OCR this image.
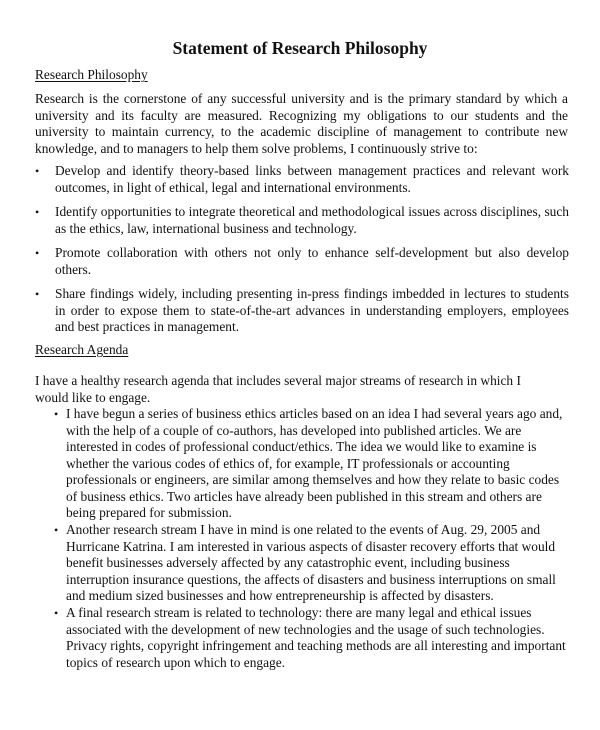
Statement of Research Philosophy
Research Philosophy
Research is the cornerstone of any successful university and is the primary standard by which a university and its faculty are measured. Recognizing my obligations to our students and the university to maintain currency, to the academic discipline of management to contribute new knowledge, and to managers to help them solve problems, I continuously strive to:
• Develop and identify theory-based links between management practices and relevant work outcomes, in light of ethical, legal and international environments.
• Identify opportunities to integrate theoretical and methodological issues across disciplines, such as the ethics, law, international business and technology.
• Promote collaboration with others not only to enhance self-development but also develop others.
• Share findings widely, including presenting in-press findings imbedded in lectures to students in order to expose them to state-of-the-art advances in understanding employers, employees and best practices in management.
Research Agenda
I have a healthy research agenda that includes several major streams of research in which I would like to engage.
• I have begun a series of business ethics articles based on an idea I had several years ago and, with the help of a couple of co-authors, has developed into published articles. We are interested in codes of professional conduct/ethics. The idea we would like to examine is whether the various codes of ethics of, for example, IT professionals or accounting professionals or engineers, are similar among themselves and how they relate to basic codes of business ethics. Two articles have already been published in this stream and others are being prepared for submission.
• Another research stream I have in mind is one related to the events of Aug. 29, 2005 and Hurricane Katrina. I am interested in various aspects of disaster recovery efforts that would benefit businesses adversely affected by any catastrophic event, including business interruption insurance questions, the affects of disasters and business interruptions on small and medium sized businesses and how entrepreneurship is affected by disasters.
• A final research stream is related to technology: there are many legal and ethical issues associated with the development of new technologies and the usage of such technologies. Privacy rights, copyright infringement and teaching methods are all interesting and important topics of research upon which to engage.
